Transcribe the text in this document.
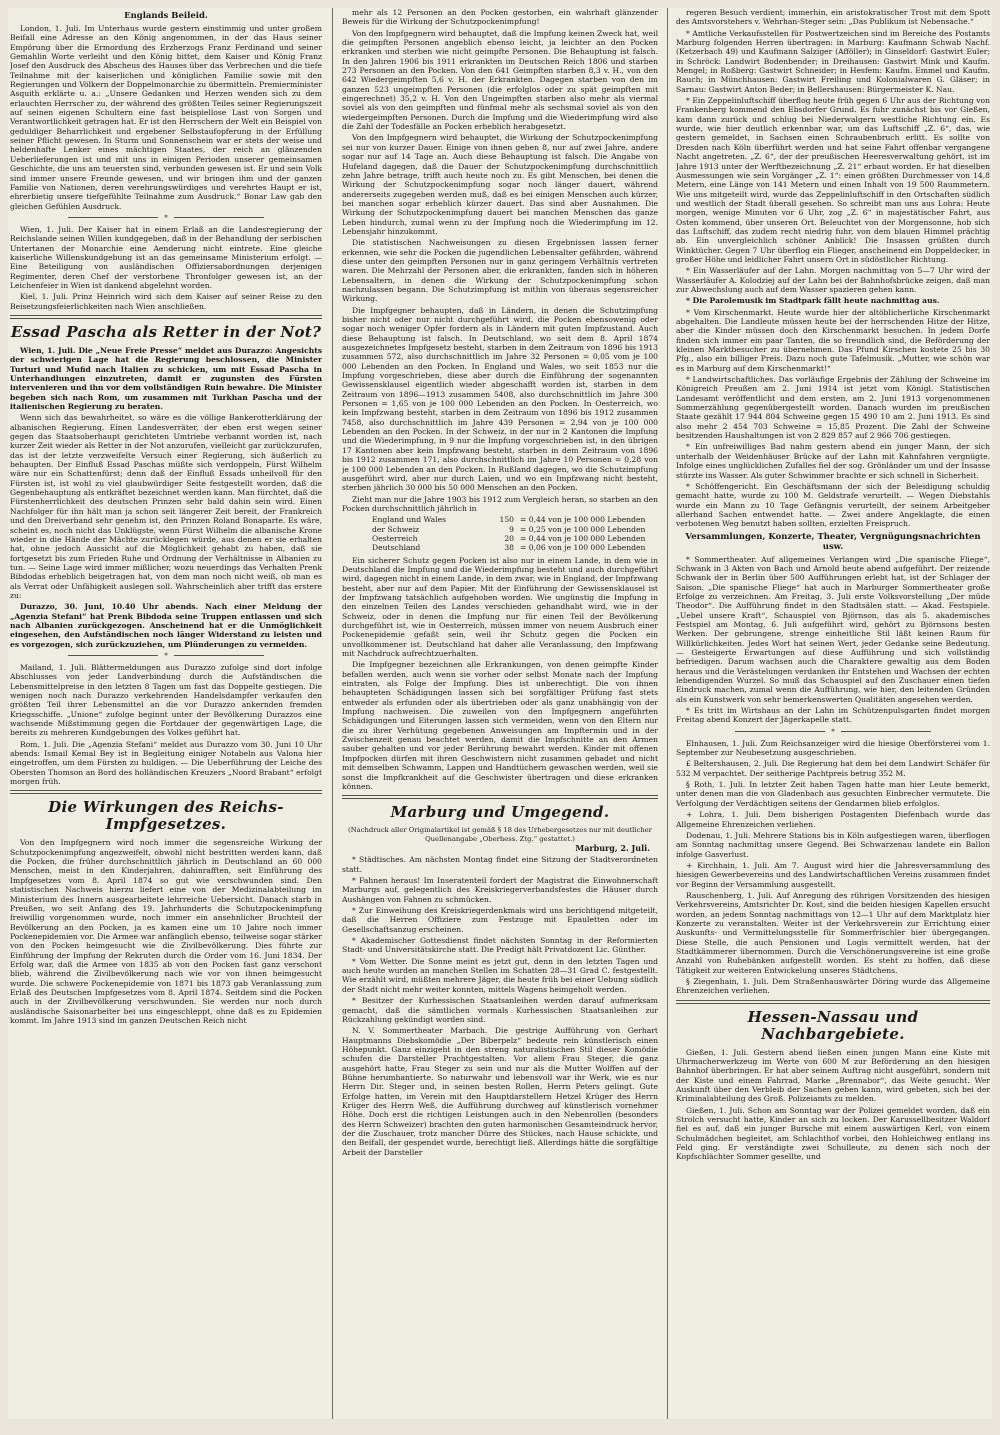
Englands Beileid.

London, 1. Juli. Im Unterhaus wurde gestern einstimmig und unter großem Beifall eine Adresse an den König angenommen, in der das Haus seiner Empörung über die Ermordung des Erzherzogs Franz Ferdinand und seiner Gemahlin Worte verleiht und den König bittet, dem Kaiser und König Franz Josef den Ausdruck des Abscheus des Hauses über das Verbrechen und die tiefe Teilnahme mit der kaiserlichen und königlichen Familie sowie mit den Regierungen und Völkern der Doppelmonarchie zu übermitteln. Premierminister Asquith erklärte u. a.: „Unsere Gedanken und Herzen wenden sich zu dem erlauchten Herrscher zu, der während des größten Teiles seiner Regierungszeit auf seinen eigenen Schultern eine fast beispiellose Last von Sorgen und Verantwortlichkeit getragen hat. Er ist den Herrschern der Welt ein Beispiel von geduldiger Beharrlichkeit und ergebener Selbstaufopferung in der Erfüllung seiner Pflicht gewesen. In Sturm und Sonnenschein war er stets der weise und heldenhafte Lenker eines mächtigen Staates, der reich an glänzenden Ueberlieferungen ist und mit uns in einigen Perioden unserer gemeinsamen Geschichte, die uns am teuersten sind, verbunden gewesen ist. Er und sein Volk sind immer unsere Freunde gewesen, und wir bringen ihm und der ganzen Familie von Nationen, deren verehrungswürdiges und verehrtes Haupt er ist, ehrerbietig unsere tiefgefühlte Teilnahme zum Ausdruck.“ Bonar Law gab den gleichen Gefühlen Ausdruck.

*

Wien, 1. Juli. Der Kaiser hat in einem Erlaß an die Landesregierung der Reichslande seinen Willen kundgegeben, daß in der Behandlung der serbischen Untertanen der Monarchie eine Aenderung nicht eintrete. Eine gleiche kaiserliche Willenskundgebung ist an das gemeinsame Ministerium erfolgt. — Eine Beteiligung von ausländischen Offiziersabordnungen derjenigen Regimenter, deren Chef der verstorbene Thronfolger gewesen ist, an der Leichenfeier in Wien ist dankend abgelehnt worden.

Kiel, 1. Juli. Prinz Heinrich wird sich dem Kaiser auf seiner Reise zu den Beisetzungsfeierlichkeiten nach Wien anschließen.

Essad Pascha als Retter in der Not?

Wien, 1. Juli. Die „Neue Freie Presse“ meldet aus Durazzo: Angesichts der schwierigen Lage hat die Regierung beschlossen, die Minister Turturi und Mufid nach Italien zu schicken, um mit Essad Pascha in Unterhandlungen einzutreten, damit er zugunsten des Fürsten intervenieren und ihn vor dem vollständigen Ruin bewahre. Die Minister begeben sich nach Rom, um zusammen mit Turkhan Pascha und der italienischen Regierung zu beraten.

Wenn sich das bewahrheitet, so wäre es die völlige Bankerotterklärung der albanischen Regierung. Einen Landesverräter, der eben erst wegen seiner gegen das Staatsoberhaupt gerichteten Umtriebe verbannt worden ist, nach kurzer Zeit wieder als Retter in der Not anzurufen, vielleicht gar zurückzurufen, das ist der letzte verzweifelte Versuch einer Regierung, sich äußerlich zu behaupten. Der Einfluß Essad Paschas müßte sich verdoppeln, Fürst Wilhelm wäre nur ein Schattenfürst; denn daß der Einfluß Essads unheilvoll für den Fürsten ist, ist wohl zu viel glaubwürdiger Seite festgestellt worden, daß die Gegenbehauptung als entkräftet bezeichnet werden kann. Man fürchtet, daß die Fürstenherrlichkeit des deutschen Prinzen sehr bald dahin sein wird. Einen Nachfolger für ihn hält man ja schon seit längerer Zeit bereit, der Frankreich und den Dreiverband sehr genehm ist, den Prinzen Roland Bonaparte. Es wäre, scheint es, noch nicht das Unklügste, wenn Fürst Wilhelm die albanische Krone wieder in die Hände der Mächte zurücklegen würde, aus denen er sie erhalten hat, ohne jedoch Aussicht auf die Möglichkeit gehabt zu haben, daß sie fortgesetzt bis zum Frieden Ruhe und Ordnung der Verhältnisse in Albanien zu tun. — Seine Lage wird immer mißlicher, wozu neuerdings das Verhalten Prenk Bibdodas erheblich beigetragen hat, von dem man noch nicht weiß, ob man es als Verrat oder Unfähigkeit auslegen soll. Wahrscheinlich aber trifft das erstere zu:

Durazzo, 30. Juni, 10.40 Uhr abends. Nach einer Meldung der „Agenzia Stefani“ hat Prenk Bibdoda seine Truppen entlassen und sich nach Albanien zurückgezogen. Anscheinend hat er die Unmöglichkeit eingesehen, den Aufständischen noch länger Widerstand zu leisten und es vorgezogen, sich zurückzuziehen, um Plünderungen zu vermeiden.

*

Mailand, 1. Juli. Blättermeldungen aus Durazzo zufolge sind dort infolge Abschlusses von jeder Landverbindung durch die Aufständischen die Lebensmittelpreise in den letzten 8 Tagen um fast das Doppelte gestiegen. Die wenigen noch nach Durazzo verkehrenden Handelsdampfer verkaufen den größten Teil ihrer Lebensmittel an die vor Durazzo ankernden fremden Kriegsschiffe. „Unione“ zufolge beginnt unter der Bevölkerung Durazzos eine wachsende Mißstimmung gegen die Fortdauer der gegenwärtigen Lage, die bereits zu mehreren Kundgebungen des Volkes geführt hat.

Rom, 1. Juli. Die „Agenzia Stefani“ meldet aus Durazzo vom 30. Juni 10 Uhr abends: Ismail Kemal Bey ist in Begleitung einiger Notabeln aus Valona hier eingetroffen, um dem Fürsten zu huldigen. — Die Ueberführung der Leiche des Obersten Thomson an Bord des holländischen Kreuzers „Noord Brabant“ erfolgt morgen früh.

Die Wirkungen des Reichs-Impfgesetzes.

Von den Impfgegnern wird noch immer die segensreiche Wirkung der Schutzpockenimpfung angezweifelt, obwohl nicht bestritten werden kann, daß die Pocken, die früher durchschnittlich jährlich in Deutschland an 60 000 Menschen, meist in den Kinderjahren, dahinrafften, seit Einführung des Impfgesetzes vom 8. April 1874 so gut wie verschwunden sind. Den statistischen Nachweis hierzu liefert eine von der Medizinalabteilung im Ministerium des Innern ausgearbeitete lehrreiche Uebersicht. Danach starb in Preußen, wo seit Anfang des 19. Jahrhunderts die Schutzpockenimpfung freiwillig vorgenommen wurde, noch immer ein ansehnlicher Bruchteil der Bevölkerung an den Pocken, ja es kamen eine um 10 Jahre noch immer Pockenepidemien vor. Die Armee war anfänglich ebenso, teilweise sogar stärker von den Pocken heimgesucht wie die Zivilbevölkerung. Dies führte zur Einführung der Impfung der Rekruten durch die Order vom 16. Juni 1834. Der Erfolg war, daß die Armee von 1835 ab von den Pocken fast ganz verschont blieb, während die Zivilbevölkerung nach wie vor von ihnen heimgesucht wurde. Die schwere Pockenepidemie von 1871 bis 1873 gab Veranlassung zum Erlaß des Deutschen Impfgesetzes vom 8. April 1874. Seitdem sind die Pocken auch in der Zivilbevölkerung verschwunden. Sie werden nur noch durch ausländische Saisonarbeiter bei uns eingeschleppt, ohne daß es zu Epidemien kommt. Im Jahre 1913 sind im ganzen Deutschen Reich nicht

mehr als 12 Personen an den Pocken gestorben, ein wahrhaft glänzender Beweis für die Wirkung der Schutzpockenimpfung!

Von den Impfgegnern wird behauptet, daß die Impfung keinen Zweck hat, weil die geimpften Personen angeblich ebenso leicht, ja leichter an den Pocken erkranken und sterben wie nicht geimpfte Personen. Die Behauptung ist falsch. In den Jahren 1906 bis 1911 erkrankten im Deutschen Reich 1806 und starben 273 Personen an den Pocken. Von den 641 Geimpften starben 8,3 v. H., von den 642 Wiedergeimpften 5,6 v. H. der Erkrankten. Dagegen starben von den im ganzen 523 ungeimpften Personen (die erfolglos oder zu spät geimpften mit eingerechnet) 35,2 v. H. Von den Ungeimpften starben also mehr als viermal soviel als von den geimpften und fünfmal mehr als sechsmal soviel als von den wiedergeimpften Personen. Durch die Impfung und die Wiederimpfung wird also die Zahl der Todesfälle an Pocken erheblich herabgesetzt.

Von den Impfgegnern wird behauptet, die Wirkung der Schutzpockenimpfung sei nur von kurzer Dauer. Einige von ihnen geben 8, nur auf zwei Jahre, andere sogar nur auf 14 Tage an. Auch diese Behauptung ist falsch. Die Angabe von Hufeland dagegen, daß die Dauer der Schutzpockenimpfung durchschnittlich zehn Jahre betrage, trifft auch heute noch zu. Es gibt Menschen, bei denen die Wirkung der Schutzpockenimpfung sogar noch länger dauert, während andererseits zugegeben werden muß, daß es bei einigen Menschen auch kürzer, bei manchen sogar erheblich kürzer dauert. Das sind aber Ausnahmen. Die Wirkung der Schutzpockenimpfung dauert bei manchen Menschen das ganze Leben hindurch, zumal wenn zu der Impfung noch die Wiederimpfung im 12. Lebensjahr hinzukommt.

Die statistischen Nachweisungen zu diesen Ergebnissen lassen ferner erkennen, wie sehr die Pocken die jugendlichen Lebensalter gefährden, während diese unter den geimpften Personen nur in ganz geringem Verhältnis vertreten waren. Die Mehrzahl der Personen aber, die erkrankten, fanden sich in höheren Lebensaltern, in denen die Wirkung der Schutzpockenimpfung schon nachzulassen begann. Die Schutzimpfung ist mithin von überaus segensreicher Wirkung.

Die Impfgegner behaupten, daß in Ländern, in denen die Schutzimpfung bisher nicht oder nur nicht durchgeführt wird, die Pocken ebensowenig oder sogar noch weniger Opfer fordern als in Ländern mit guten Impfzustand. Auch diese Behauptung ist falsch. In Deutschland, wo seit dem 8. April 1874 ausgezeichnetes Impfgesetz besteht, starben in dem Zeitraum von 1896 bis 1913 zusammen 572, also durchschnittlich im Jahre 32 Personen = 0,05 vom je 100 000 Lebenden an den Pocken. In England und Wales, wo seit 1853 nur die Impfung vorgeschrieben, diese aber durch die Einführung der sogenannten Gewissensklausel eigentlich wieder abgeschafft worden ist, starben in dem Zeitraum von 1896—1913 zusammen 5408, also durchschnittlich im Jahre 300 Personen = 1,65 von je 100 000 Lebenden an den Pocken. In Oesterreich, wo kein Impfzwang besteht, starben in dem Zeitraum von 1896 bis 1912 zusammen 7458, also durchschnittlich im Jahre 439 Personen = 2,94 von je 100 000 Lebenden an den Pocken. In der Schweiz, in der nur in 2 Kantonen die Impfung und die Wiederimpfung, in 9 nur die Impfung vorgeschrieben ist, in den übrigen 17 Kantonen aber kein Impfzwang besteht, starben in dem Zeitraum von 1896 bis 1912 zusammen 171, also durchschnittlich im Jahre 10 Personen = 0,28 von je 100 000 Lebenden an den Pocken. In Rußland dagegen, wo die Schutzimpfung ausgeführt wird, aber nur durch Laien, und wo ein Impfzwang nicht besteht, sterben jährlich 30 000 bis 50 000 Menschen an den Pocken.

Zieht man nur die Jahre 1903 bis 1912 zum Vergleich heran, so starben an den Pocken durchschnittlich jährlich in

England und Wales	150 = 0,44 von je 100 000 Lebenden
der Schweiz	9 = 0,25 von je 100 000 Lebenden
Oesterreich	20 = 0,44 von je 100 000 Lebenden
Deutschland	38 = 0,06 von je 100 000 Lebenden

Ein sicherer Schutz gegen Pocken ist also nur in einem Lande, in dem wie in Deutschland die Impfung und die Wiederimpfung besteht und auch durchgeführt wird, dagegen nicht in einem Lande, in dem zwar, wie in England, der Impfzwang besteht, aber nur auf dem Papier. Mit der Einführung der Gewissensklausel ist der Impfzwang tatsächlich aufgehoben worden. Wie ungünstig die Impfung in den einzelnen Teilen des Landes verschieden gehandhabt wird, wie in der Schweiz, oder in denen die Impfung nur für einen Teil der Bevölkerung durchgeführt ist, wie in Oesterreich, müssen immer von neuem Ausbruch einer Pockenepidemie gefaßt sein, weil ihr Schutz gegen die Pocken ein unvollkommener ist. Deutschland hat daher alle Veranlassung, den Impfzwang mit Nachdruck aufrechtzuerhalten.

Die Impfgegner bezeichnen alle Erkrankungen, von denen geimpfte Kinder befallen werden, auch wenn sie vorher oder selbst Monate nach der Impfung eintraten, als Folge der Impfung. Dies ist unberechtigt. Die von ihnen behaupteten Schädigungen lassen sich bei sorgfältiger Prüfung fast stets entweder als erfunden oder als übertrieben oder als ganz unabhängig von der Impfung nachweisen. Die zuweilen von den Impfgegnern angeführten Schädigungen und Eiterungen lassen sich vermeiden, wenn von den Eltern nur die zu ihrer Verhütung gegebenen Anweisungen am Impftermin und in der Zwischenzeit genau beachtet werden, damit die Impfschnitte an den Armen sauber gehalten und vor jeder Berührung bewahrt werden. Kinder mit offenen Impfpocken dürfen mit ihren Geschwistern nicht zusammen gebadet und nicht mit demselben Schwamm, Lappen und Handtüchern gewaschen werden, weil sie sonst die Impfkrankheit auf die Geschwister übertragen und diese erkranken können.

Marburg und Umgegend.

(Nachdruck aller Originalartikel ist gemäß § 18 des Urhebergesetzes nur mit deutlicher Quellenangabe „Oberhess. Ztg.“ gestattet.)

Marburg, 2. Juli.

* Städtisches. Am nächsten Montag findet eine Sitzung der Stadtverordneten statt.

* Fahnen heraus! Im Inseratenteil fordert der Magistrat die Einwohnerschaft Marburgs auf, gelegentlich des Kreiskriegerverbandsfestes die Häuser durch Aushängen von Fahnen zu schmücken.

* Zur Einweihung des Kreiskriegerdenkmals wird uns berichtigend mitgeteilt, daß die Herren Offiziere zum Festzuge mit Epauletten oder im Gesellschaftsanzug erscheinen.

* Akademischer Gottesdienst findet nächsten Sonntag in der Reformierten Stadt- und Universitätskirche statt. Die Predigt hält Privatdozent Lic. Günther.

* Vom Wetter. Die Sonne meint es jetzt gut, denn in den letzten Tagen und auch heute wurden an manchen Stellen im Schatten 28—31 Grad C. festgestellt. Wie erzählt wird, müßten mehrere Jäger, die heute früh bei einer Uebung südlich der Stadt nicht mehr weiter konnten, mittels Wagens heimgeholt werden.

* Besitzer der Kurhessischen Staatsanleihen werden darauf aufmerksam gemacht, daß die sämtlichen vormals Kurhessischen Staatsanleihen zur Rückzahlung gekündigt worden sind.

N. V. Sommertheater Marbach. Die gestrige Aufführung von Gerhart Hauptmanns Diebskomödie „Der Biberpelz“ bedeute rein künstlerisch einen Höhepunkt. Ganz einzigeht in den streng naturalistischen Stil dieser Komödie schufen die Darsteller Prachtgestalten. Vor allem Frau Steger, die ganz ausgehört hatte, Frau Steger zu sein und nur als die Mutter Wolffen auf der Bühne herumhantierte. So naturwahr und lebensvoll war ihr Werk, wie es nur Herrn Dir. Steger und, in seinen besten Rollen, Herrn Peters gelingt. Gute Erfolge hatten, im Verein mit den Hauptdarstellern Hetzel Krüger des Herrn Krüger des Herrn Weß, die Aufführung durchweg auf künstlerisch vornehmer Höhe. Doch erst die richtigen Leistungen auch in den Nebenrollen (besonders des Herrn Schweizer) brachten den guten harmonischen Gesamteindruck hervor, der die Zuschauer, trotz mancher Dürre des Stückes, nach Hause schickte, und den Beifall, der gespendet wurde, berechtigt ließ. Allerdings hätte die sorgfältige Arbeit der Darsteller

regeren Besuch verdient; immerhin, ein aristokratischer Trost mit dem Spott des Amtsvorstehers v. Wehrhan-Steger sein: „Das Publikum ist Nebensache.“

* Amtliche Verkaufsstellen für Postwertzeichen sind im Bereiche des Postamts Marburg folgenden Herren übertragen: in Marburg: Kaufmann Schwab Nachf. (Ketzerbach 49) und Kaufmann Salziger (Afföller); in Ginseldorf: Gastwirt Euler; in Schröck: Landwirt Bodenbender; in Dreihausen: Gastwirt Mink und Kaufm. Mengel; in Roßberg: Gastwirt Schneider; in Hesfem: Kaufm. Emmel und Kaufm. Rauch; in Münchhausen: Gastwirt Freiling und Kolonialwaren G. Gläser; in Sarnau: Gastwirt Anton Beder; in Bellershausen: Bürgermeister K. Nau.

* Ein Zeppelinluftschiff überflog heute früh gegen 6 Uhr aus der Richtung von Frankenberg kommend den Ebsdorfer Grund. Es fuhr zunächst bis vor Gießen, kam dann zurück und schlug bei Niederwalgern westliche Richtung ein. Es wurde, wie hier deutlich erkennbar war, um das Luftschiff „Z. 6“, das, wie gestern gemeldet, in Sachsen einen Schraubenbruch erlitt. Es sollte von Dresden nach Köln überführt werden und hat seine Fahrt offenbar vergangene Nacht angetreten. „Z. 6“, der der preußischen Heeresverwaltung gehört, ist im Jahre 1913 unter der Werftbezeichnung „Z. 21“ erbaut worden. Er hat dieselben Ausmessungen wie sein Vorgänger „Z. 1“: einen größten Durchmesser von 14,8 Metern, eine Länge von 141 Metern und einen Inhalt von 19 500 Raummetern. Wie uns mitgeteilt wird, wurde das Zeppelinluftschiff in den Ortschaften südlich und westlich der Stadt überall gesehen. So schreibt man uns aus Lohra: Heute morgen, wenige Minuten vor 6 Uhr, zog „Z. 6“ in majestätischer Fahrt, aus Osten kommend, über unseren Ort. Beleuchtet von der Morgensonne, hob sich das Luftschiff, das zudem recht niedrig fuhr, von dem blauen Himmel prächtig ab. Ein unvergleichlich schöner Anblick! Die Insassen grüßten durch Winktücher. Gegen 7 Uhr überflog ein Flieger, anscheinend ein Doppeldecker, in großer Höhe und leidlicher Fahrt unsern Ort in südöstlicher Richtung.

* Ein Wasserläufer auf der Lahn. Morgen nachmittag von 5—7 Uhr wird der Wasserläufer A. Kolodziej auf der Lahn bei der Bahnhofsbrücke zeigen, daß man zur Abwechslung auch auf dem Wasser spazieren gehen kann.

* Die Parolemusik im Stadtpark fällt heute nachmittag aus.

* Vom Kirschenmarkt. Heute wurde hier der altöblicherliche Kirschenmarkt abgehalten. Die Landleute müssen heute bei der herrschenden Hitze der Hitze, aber die Kinder müssen doch den Kirschenmarkt besuchen. In jedem Dorfe finden sich immer ein paar Tanten, die so freundlich sind, die Beförderung der kleinen Marktbesucher zu übernehmen. Das Pfund Kirschen kostete 25 bis 30 Pfg., also ein billiger Preis. Dazu noch gute Tafelmusik. „Mutter, wie schön war es in Marburg auf dem Kirschenmarkt!“

* Landwirtschaftliches. Das vorläufige Ergebnis der Zählung der Schweine im Königreich Preußen am 2. Juni 1914 ist jetzt vom Königl. Statistischen Landesamt veröffentlicht und dem ersten, am 2. Juni 1913 vorgenommenen Sommerzählung gegenübergestellt worden. Danach wurden im preußischen Staate gezählt 17 944 804 Schweine gegen 15 490 10 am 2. Juni 1913. Es sind also mehr 2 454 703 Schweine = 15,85 Prozent. Die Zahl der Schweine besitzenden Haushaltungen ist von 2 829 857 auf 2 966 706 gestiegen.

* Ein unfreiwilliges Bad nahm gestern abend ein junger Mann, der sich unterhalb der Weidenhäuser Brücke auf der Lahn mit Kahnfahren vergnügte. Infolge eines unglücklichen Zufalles fiel der sog. Grönländer um und der Insasse stürzte ins Wasser. Als guter Schwimmer brachte er sich schnell in Sicherheit.

* Schöffengericht. Ein Geschäftsmann der sich der Beleidigung schuldig gemacht hatte, wurde zu 100 M. Geldstrafe verurteilt. — Wegen Diebstahls wurde ein Mann zu 10 Tage Gefängnis verurteilt, der seinem Arbeitgeber allerhand Sachen entwendet hatte. — Zwei andere Angeklagte, die einen verbotenen Weg benutzt haben sollten, erzielten Freispruch.

Versammlungen, Konzerte, Theater, Vergnügungsnachrichten usw.

* Sommertheater. Auf allgemeines Verlangen wird „Die spanische Fliege“, Schwank in 3 Akten von Bach und Arnold heute abend aufgeführt. Der reizende Schwank der in Berlin über 500 Aufführungen erlebt hat, ist der Schlager der Saison. „Die spanische Fliege“ hat auch in Marburger Sommertheater große Erfolge zu verzeichnen. Am Freitag, 3. Juli erste Volksvorstellung „Der müde Theodor“. Die Aufführung findet in den Stadtsälen statt. — Akad. Festspiele. „Uebel unsere Kraft“, Schauspiel von Björnson, das als 5. akademisches Festspiel am Montag, 6. Juli aufgeführt wird, gehört zu Björnsons besten Werken. Der gebrungene, strenge einheitliche Stil läßt keinen Raum für Willkürlichkeiten. Jedes Wort hat seinen Wert, jeder Gedanke seine Bedeutung. — Gesteigerte Erwartungen auf diese Aufführung und sich vollständig befriedigen. Darum wachsen auch die Charaktere gewaltig aus dem Boden heraus und die Verästelungen verdanken ihr Entstehen und Wachsen der echten lebendigenden Wurzel. So muß das Schauspiel auf den Zuschauer einen tiefen Eindruck machen, zumal wenn die Aufführung, wie hier, den leitenden Gründen als ein Kunstwerk von sehr bemerkenswerten Qualitäten angesehen werden.

* Es tritt im Wirtshaus an der Lahn im Schützenpulsgarten findet morgen Freitag abend Konzert der Jägerkapelle statt.

*

Elnhausen, 1. Juli. Zum Reichsanzeiger wird die hiesige Oberförsterei vom 1. September zur Neubesetzung ausgeschrieben.

£ Beltershausen, 2. Juli. Die Regierung hat dem bei dem Landwirt Schäfer für 532 M verpachtet. Der seitherige Pachtpreis betrug 352 M.

§ Roth, 1. Juli. In letzter Zeit haben Tagen hatte man hier Leute bemerkt, unter denen man die von Gladenbach aus gesuchten Einbrecher vermutete. Die Verfolgung der Verdächtigen seitens der Gendarmen blieb erfolglos.

+ Lohra, 1. Juli. Dem bisherigen Postagenten Diefenbach wurde das Allgemeine Ehrenzeichen verliehen.

Dodenau, 1. Juli. Mehrere Stations bis in Köln aufgestiegen waren, überflogen am Sonntag nachmittag unsere Gegend. Bei Schwarzenau landete ein Ballon infolge Gasverlust.

+ Kirchhain, 1. Juli. Am 7. August wird hier die Jahresversammlung des hiesigen Gewerbevereins und des Landwirtschaftlichen Vereins zusammen findet vor Beginn der Versammlung ausgestellt.

Rauschenberg, 1. Juli. Auf Anregung des rührigen Vorsitzenden des hiesigen Verkehrsvereins, Amtsrichter Dr. Kost, sind die beiden hiesigen Kapellen ersucht worden, an jedem Sonntag nachmittags von 12—1 Uhr auf dem Marktplatz hier Konzerte zu veranstalten. Weiter ist der Verkehrsverein zur Errichtung einer Auskunfts- und Vermittelungsstelle für Sommerfrischler hier übergegangen. Diese Stelle, die auch Pensionen und Logis vermittelt werden, hat der Stadtkämmerer übernommen. Durch die Verschönerungsvereine ist eine große Anzahl von Ruhebänken aufgestellt worden. Es steht zu hoffen, daß diese Tätigkeit zur weiteren Entwickelung unseres Städtchens.

§ Ziegenhain, 1. Juli. Dem Straßenhauswärter Döring wurde das Allgemeine Ehrenzeichen verliehen.

Hessen-Nassau und Nachbargebiete.

Gießen, 1. Juli. Gestern abend ließen einen jungen Mann eine Kiste mit Uhrmacherwerkzeug im Werte von 600 M zur Beförderung an den hiesigen Bahnhof überbringen. Er hat aber seinem Auftrag nicht ausgeführt, sondern mit der Kiste und einem Fahrrad, Marke „Brennabor“, das Weite gesucht. Wer Auskunft über den Verbleib der Sachen geben kann, wird gebeten, sich bei der Kriminalabteilung des Groß. Polizeiamts zu melden.

Gießen, 1. Juli. Schon am Sonntag war der Polizei gemeldet worden, daß ein Strolch versucht hatte, Kinder an sich zu locken. Der Karussellbesitzer Waldorf fiel es auf, daß ein junger Bursche mit einem auswärtigen Kerl, von einem Schulmädchen begleitet, am Schlachthof vorbei, den Hohleichweg entlang ins Feld ging. Er verständigte zwei Schulleute, zu denen sich noch der Kopfschlächter Sommer gesellte, und
